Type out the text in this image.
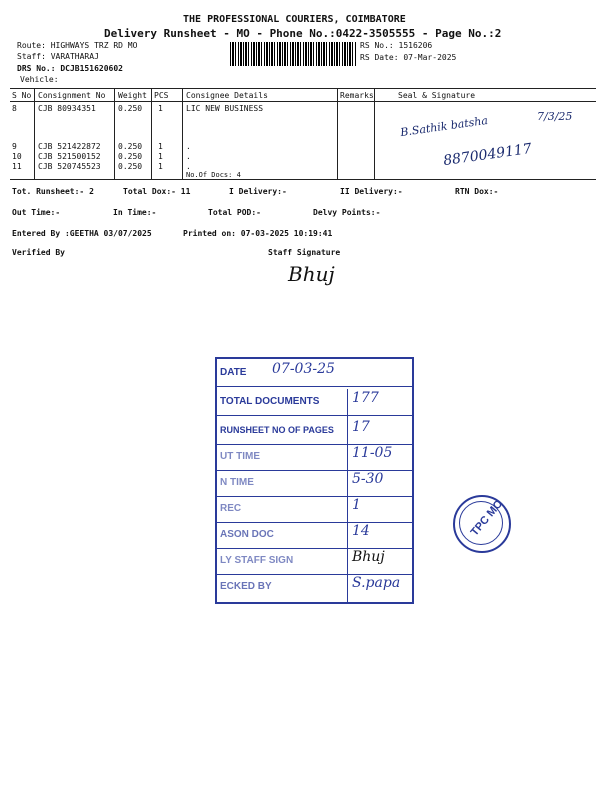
THE PROFESSIONAL COURIERS, COIMBATORE
Delivery Runsheet - MO - Phone No.:0422-3505555 - Page No.:2
Route: HIGHWAYS TRZ RD MO
Staff: VARATHARAJ
DRS No.: DCJB151620602
Vehicle:
RS No.: 1516206
RS Date: 07-Mar-2025
S No Consignment No Weight PCS Consignee Details	Remarks	Seal & Signature
8	CJB 80934351	0.250 1	LIC NEW BUSINESS
9	CJB 521422872 0.250 1	.
10 CJB 521500152 0.250 1	.
11 CJB 520745523 0.250 1	.
No.Of Docs: 4
B.Sathik batsha	7/3/25
8870049117
Tot. Runsheet:- 2	Total Dox:- 11	I Delivery:-	II Delivery:-	RTN Dox:-
Out Time:-	In Time:-	Total POD:-	Delvy Points:-
Entered By :GEETHA 03/07/2025	Printed on: 07-03-2025 10:19:41
Verified By	Staff Signature
Bhuj
DATE 07-03-25
TOTAL DOCUMENTS 177
RUNSHEET NO OF PAGES 17
UT TIME	11-05
N TIME	5-30
REC	1
ASON DOC	14
LY STAFF SIGN	Bhuj
ECKED BY	S.papa
TPC MO
